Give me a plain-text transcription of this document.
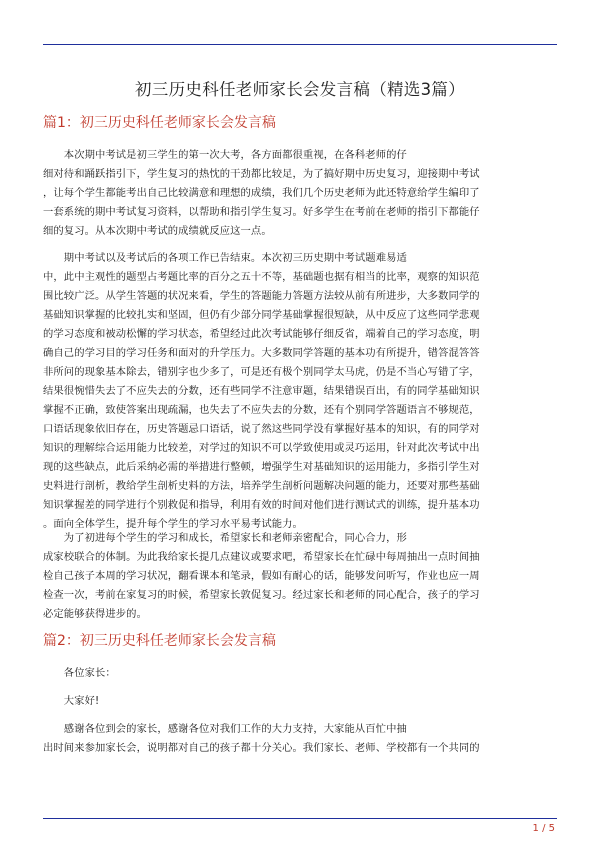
初三历史科任老师家长会发言稿（精选3篇）
篇1：初三历史科任老师家长会发言稿
　　本次期中考试是初三学生的第一次大考，各方面都很重视，在各科老师的仔
细对待和踊跃指引下，学生复习的热忱的干劲都比较足，为了搞好期中历史复习，迎接期中考试
，让每个学生都能考出自己比较满意和理想的成绩，我们几个历史老师为此还特意给学生编印了
一套系统的期中考试复习资料，以帮助和指引学生复习。好多学生在考前在老师的指引下都能仔
细的复习。从本次期中考试的成绩就反应这一点。
　　期中考试以及考试后的各项工作已告结束。本次初三历史期中考试题难易适
中，此中主观性的题型占考题比率的百分之五十不等，基础题也据有相当的比率，观察的知识范
围比较广泛。从学生答题的状况来看，学生的答题能力答题方法较从前有所进步，大多数同学的
基础知识掌握的比较扎实和坚固，但仍有少部分同学基础掌握很短缺，从中反应了这些同学悲观
的学习态度和被动松懈的学习状态，希望经过此次考试能够仔细反省，端着自己的学习态度，明
确自己的学习目的学习任务和面对的升学压力。大多数同学答题的基本功有所提升，错答混答答
非所问的现象基本除去，错别字也少多了，可是还有极个别同学太马虎，仍是不当心写错了字，
结果很惋惜失去了不应失去的分数，还有些同学不注意审题，结果错误百出，有的同学基础知识
掌握不正确，致使答案出现疏漏，也失去了不应失去的分数，还有个别同学答题语言不够规范，
口语话现象依旧存在，历史答题忌口语话，说了然这些同学没有掌握好基本的知识，有的同学对
知识的理解综合运用能力比较差，对学过的知识不可以学致使用或灵巧运用，针对此次考试中出
现的这些缺点，此后采纳必需的举措进行整顿，增强学生对基础知识的运用能力，多指引学生对
史料进行剖析，教给学生剖析史料的方法，培养学生剖析问题解决问题的能力，还要对那些基础
知识掌握差的同学进行个别救促和指导，利用有效的时间对他们进行测试式的训练，提升基本功
。面向全体学生，提升每个学生的学习水平易考试能力。
　　为了初进每个学生的学习和成长，希望家长和老师亲密配合，同心合力，形
成家校联合的体制。为此我给家长提几点建议或要求吧，希望家长在忙碌中每周抽出一点时间抽
检自己孩子本周的学习状况，翻看课本和笔录，假如有耐心的话，能够发问听写，作业也应一周
检查一次，考前在家复习的时候，希望家长敦促复习。经过家长和老师的同心配合，孩子的学习
必定能够获得进步的。
篇2：初三历史科任老师家长会发言稿
　　各位家长：
　　大家好!
　　感谢各位到会的家长，感谢各位对我们工作的大力支持，大家能从百忙中抽
出时间来参加家长会，说明都对自己的孩子都十分关心。我们家长、老师、学校都有一个共同的
1 / 5
